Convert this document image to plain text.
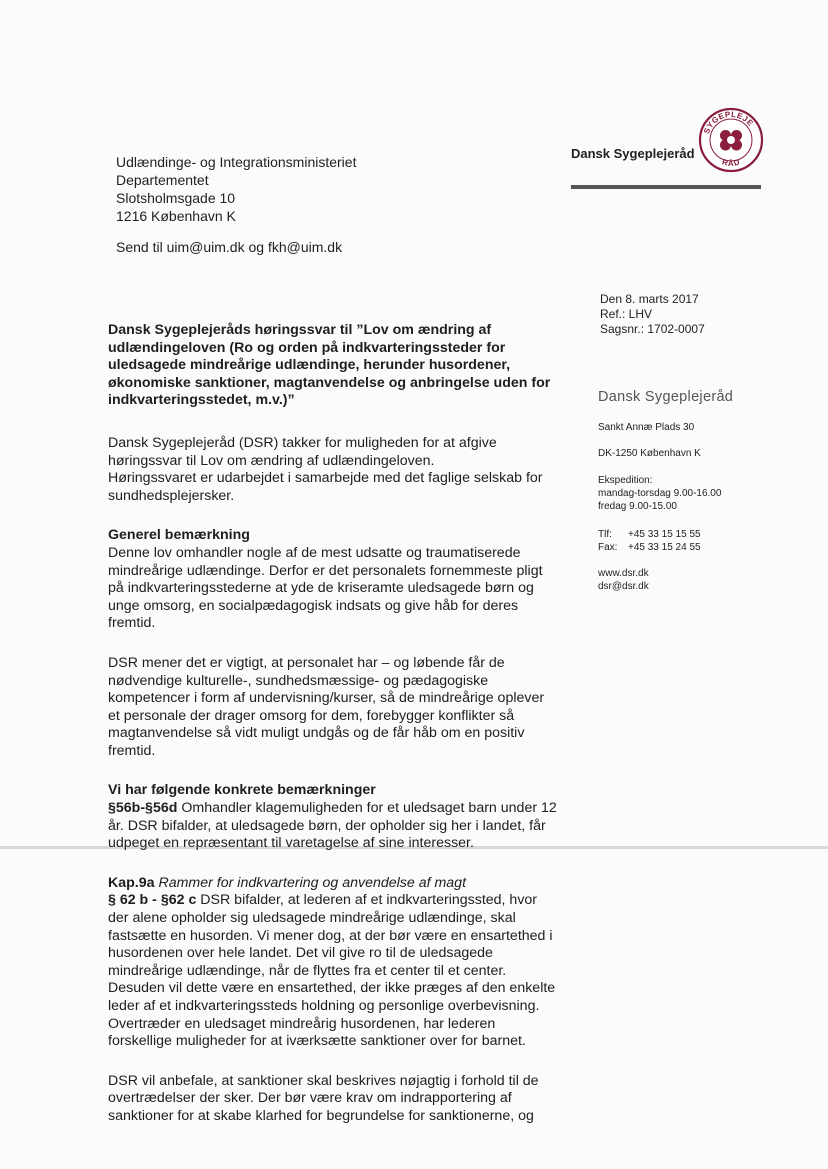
SYGEPLEJE
RÅD
Dansk Sygeplejeråd
Udlændinge- og Integrationsministeriet
Departementet
Slotsholmsgade 10
1216 København K
Send til uim@uim.dk og fkh@uim.dk
Den 8. marts 2017
Ref.: LHV
Sagsnr.: 1702-0007
Dansk Sygeplejeråd
Sankt Annæ Plads 30
DK-1250 København K
Ekspedition:
mandag-torsdag 9.00-16.00
fredag 9.00-15.00
Tlf: +45 33 15 15 55
Fax: +45 33 15 24 55
www.dsr.dk
dsr@dsr.dk

Dansk Sygeplejeråds høringssvar til ”Lov om ændring af udlændingeloven (Ro og orden på indkvarteringssteder for uledsagede mindreårige udlændinge, herunder husordener, økonomiske sanktioner, magtanvendelse og anbringelse uden for indkvarteringsstedet, m.v.)”

Dansk Sygeplejeråd (DSR) takker for muligheden for at afgive høringssvar til Lov om ændring af udlændingeloven.

Høringssvaret er udarbejdet i samarbejde med det faglige selskab for sundhedsplejersker.

Generel bemærkning
Denne lov omhandler nogle af de mest udsatte og traumatiserede mindreårige udlændinge. Derfor er det personalets fornemmeste pligt på indkvarteringsstederne at yde de kriseramte uledsagede børn og unge omsorg, en socialpædagogisk indsats og give håb for deres fremtid.

DSR mener det er vigtigt, at personalet har – og løbende får de nødvendige kulturelle-, sundhedsmæssige- og pædagogiske kompetencer i form af undervisning/kurser, så de mindreårige oplever et personale der drager omsorg for dem, forebygger konflikter så magtanvendelse så vidt muligt undgås og de får håb om en positiv fremtid.

Vi har følgende konkrete bemærkninger
§56b-§56d Omhandler klagemuligheden for et uledsaget barn under 12 år. DSR bifalder, at uledsagede børn, der opholder sig her i landet, får udpeget en repræsentant til varetagelse af sine interesser.

Kap.9a Rammer for indkvartering og anvendelse af magt
§ 62 b - §62 c DSR bifalder, at lederen af et indkvarteringssted, hvor der alene opholder sig uledsagede mindreårige udlændinge, skal fastsætte en husorden. Vi mener dog, at der bør være en ensartethed i husordenen over hele landet. Det vil give ro til de uledsagede mindreårige udlændinge, når de flyttes fra et center til et center. Desuden vil dette være en ensartethed, der ikke præges af den enkelte leder af et indkvarteringssteds holdning og personlige overbevisning. Overtræder en uledsaget mindreårig husordenen, har lederen forskellige muligheder for at iværksætte sanktioner over for barnet.

DSR vil anbefale, at sanktioner skal beskrives nøjagtig i forhold til de overtrædelser der sker. Der bør være krav om indrapportering af sanktioner for at skabe klarhed for begrundelse for sanktionerne, og
